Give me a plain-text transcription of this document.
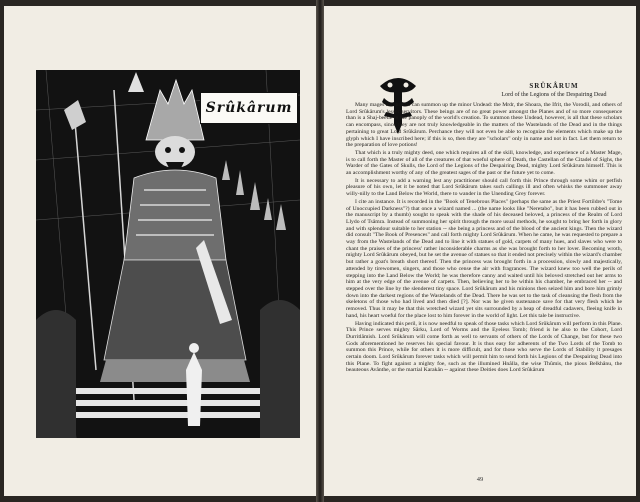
Srûkârum
SRÜKÂRUM
Lord of the Legions of the Despairing Dead

Many mages and priests can summon up the minor Undead: the Mrdr, the Shoara, the Ifrit, the Vorodil, and others of Lord Srûkârum's lesser servitors. These beings are of no great power amongst the Planes and of so more consequence than is a Shaj-beetle in the panoply of the world's creation. To summon these Undead, however, is all that these scholars can encompass, since they are not truly knowledgeable in the matters of the Wastelands of the Dead and in the things pertaining to great Lord Srûkârum. Perchance they will not even be able to recognize the elements which make up the glyph which I have inscribed here; if this is so, then they are "scholars" only in name and not in fact. Let them return to the preparation of love potions!

That which is a truly mighty deed, one which requires all of the skill, knowledge, and experience of a Master Mage, is to call forth the Master of all of the creatures of that woeful sphere of Death, the Castellan of the Citadel of Sighs, the Warder of the Gates of Skulls, the Lord of the Legions of the Despairing Dead, mighty Lord Srûkârum himself. This is an accomplishment worthy of any of the greatest sages of the past or the future yet to come.

It is necessary to add a warning lest any practitioner should call forth this Prince through some whim or petfish pleasure of his own, let it be noted that Lord Srûkârum takes such callings ill and often whisks the summoner away willy-nilly to the Land Below the World, there to wander in the Unending Grey forever.

I cite an instance. It is recorded in the "Book of Tenebrous Places" (perhaps the same as the Priest Fortildre's "Tome of Unoccupied Darkness"?) that once a wizard named ... (the name looks like "Neretabo", but it has been rubbed out in the manuscript by a thumb) sought to speak with the shade of his deceased beloved, a princess of the Realm of Lord Llydo of Tsâmra. Instead of summoning her spirit through the more usual methods, he sought to bring her forth in glory and with splendour suitable to her station -- she being a princess and of the blood of the ancient kings. Then the wizard did consult "The Book of Presences" and call forth mighty Lord Srûkârum. When he came, he was requested to prepare a way from the Wastelands of the Dead and to line it with statues of gold, carpets of many hues, and slaves who were to chant the praises of the princess' rather inconsiderable charms as she was brought forth to her lover. Becoming wroth, mighty Lord Srûkârum obeyed, but he set the avenue of statues so that it ended not precisely within the wizard's chamber but rather a goat's breath short thereof. Then the princess was brought forth in a procession, slowly and majestically, attended by tirewomen, singers, and those who cense the air with fragrances. The wizard knew too well the perils of stepping into the Land Below the World; he was therefore canny and waited until his beloved stretched out her arms to him at the very edge of the avenue of carpets. Then, believing her to be within his chamber, he embraced her -- and stepped over the line by the slenderest tiny space. Lord Srûkârum and his minions then seized him and bore him grimly down into the darkest regions of the Wastelands of the Dead. There he was set to the task of cleansing the flesh from the skeletons of those who had lived and then died [?]. Nor was he given sustenance save for that very flesh which he removed. Thus it may be that this wretched wizard yet sits surrounded by a heap of dreadful cadavers, fleeing knife in hand, his heart woeful for the place lost to him forever in the world of light. Let this tale be instructive.

Having indicated this peril, it is now needful to speak of those tasks which Lord Srûkârum will perform in this Plane. This Prince serves mighty Sârku, Lord of Worms and the Eyeless Tomb; friend is he also to the Cohort, Lord Durritlâmish. Lord Srûkârum will come forth as well to servants of others of the Lords of Change, but for these two Gods aforementioned he reserves his special favour. It is thus easy for adherents of the Two Lords of the Tomb to summon this Prince, while for others it is more difficult, and for those who serve the Lords of Stability it presages certain doom. Lord Srûkârum forever tasks which will permit him to send forth his Legions of the Despairing Dead into this Plane. To fight against a mighty foe, such as the illumined Hnâlla, the wise Thûmis, the pious Belkhânu, the beauteous Avânthe, or the martial Karakân -- against these Deities does Lord Srûkârum

49
